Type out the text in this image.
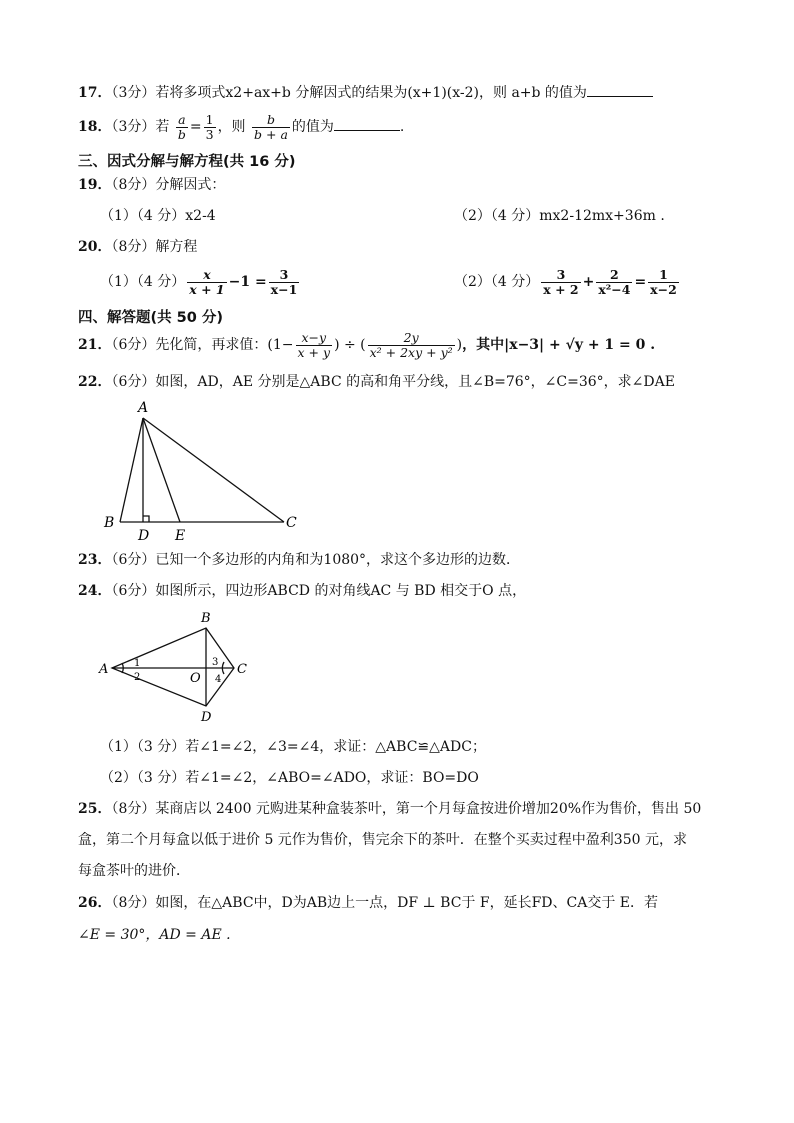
17．（3分）若将多项式x2+ax+b 分解因式的结果为(x+1)(x-2)，则 a+b 的值为
18．（3分）若 $\frac{a}{b} = \frac{1}{3}$ ，则 $\frac{b}{b + a}$ 的值为	.
三、因式分解与解方程(共 16 分)
19．（8分）分解因式：
（1）（4 分）x2-4	（2）（4 分）mx2-12mx+36m .
20．（8分）解方程
（1）（4 分） $\frac{x}{x + 1} -1 = \frac{3}{x-1}$	（2）（4 分） $\frac{3}{x + 2} + \frac{2}{\text{x²−4}} = \frac{1}{x-2}$
四、解答题(共 50 分)
21．（6分）先化简，再求值：($1- \frac{x-y}{x + y}$ ) ÷ ( $\frac{2y}{\text{x² + 2xy + y²}}$ )，其中|x−3| + √y + 1 = 0 .
22．（6分）如图，AD，AE 分别是△ABC 的高和角平分线，且∠B=76°，∠C=36°，求∠DAE
A
B
D E
C
23．（6分）已知一个多边形的内角和为1080°，求这个多边形的边数．
24．（6分）如图所示，四边形ABCD 的对角线AC 与 BD 相交于O 点，
A
B
C
D
O
1
2
3
4
（1）（3 分）若∠1=∠2，∠3=∠4，求证：△ABC≌△ADC；
（2）（3 分）若∠1=∠2，∠ABO=∠ADO，求证：BO=DO
25．（8分）某商店以 2400 元购进某种盒装茶叶，第一个月每盒按进价增加20%作为售价，售出 50
盒，第二个月每盒以低于进价 5 元作为售价，售完余下的茶叶．在整个买卖过程中盈利350 元，求
每盒茶叶的进价．
26．（8分）如图，在△ABC中，D为AB边上一点，DF ⊥ BC于 F，延长FD、CA交于 E．若
∠E = 30°，AD = AE .
